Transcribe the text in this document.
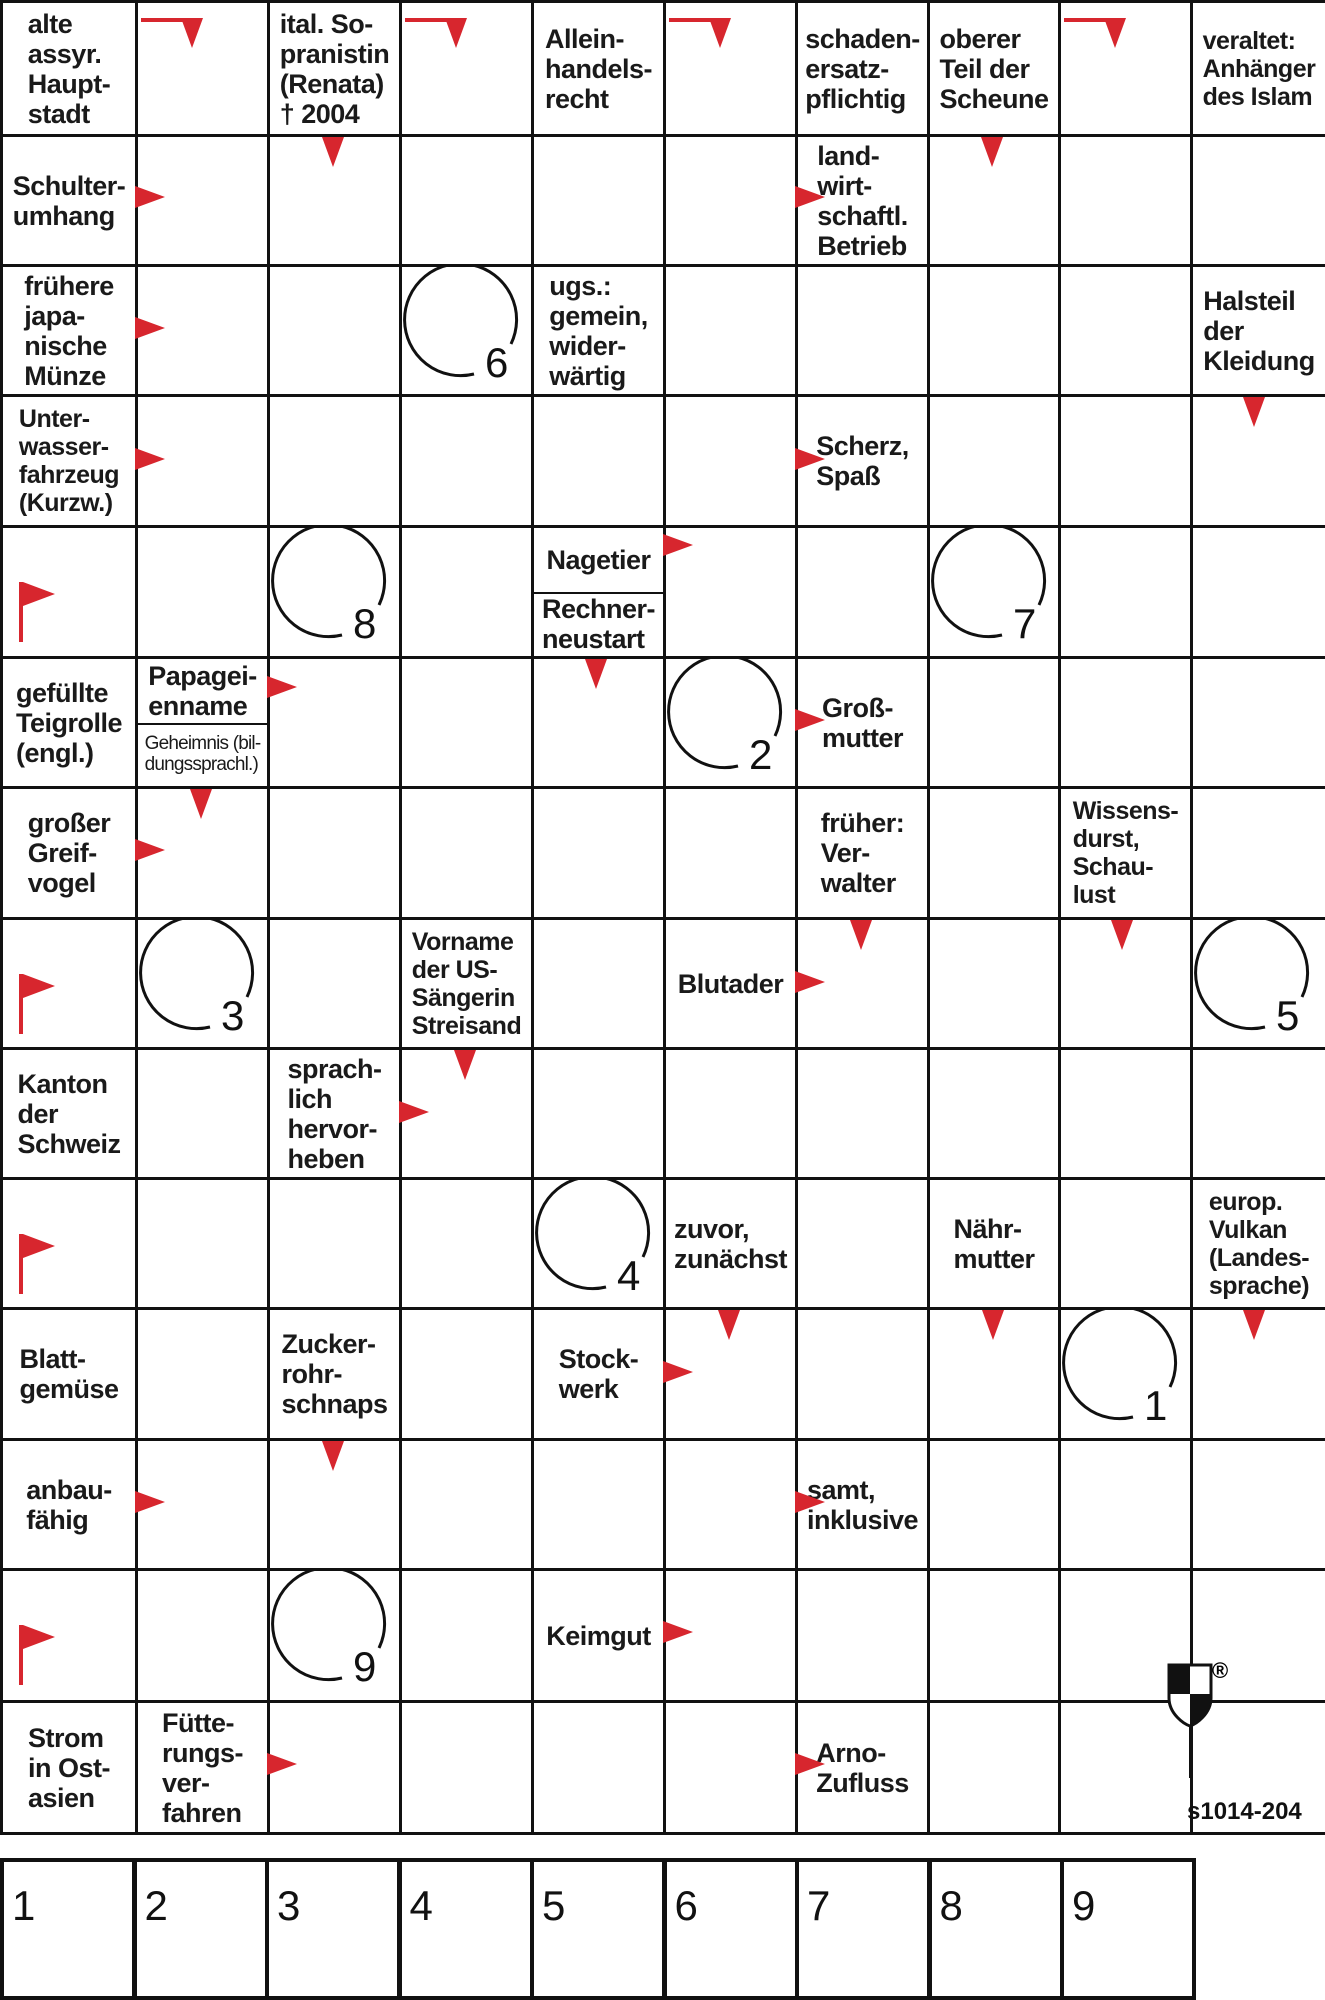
alte
assyr.
Haupt-
stadt
ital. So-
pranistin
(Renata)
† 2004
Allein-
handels-
recht
schaden-
ersatz-
pflichtig
oberer
Teil der
Scheune
veraltet:
Anhänger
des Islam
Schulter-
umhang
land-
wirt-
schaftl.
Betrieb
frühere
japa-
nische
Münze
ugs.:
gemein,
wider-
wärtig
Halsteil
der
Kleidung
Unter-
wasser-
fahrzeug
(Kurzw.)
Scherz,
Spaß
gefüllte
Teigrolle
(engl.)
Groß-
mutter
großer
Greif-
vogel
früher:
Ver-
walter
Wissens-
durst,
Schau-
lust
Vorname
der US-
Sängerin
Streisand
Blutader
Kanton
der
Schweiz
sprach-
lich
hervor-
heben
zuvor,
zunächst
Nähr-
mutter
europ.
Vulkan
(Landes-
sprache)
Blatt-
gemüse
Zucker-
rohr-
schnaps
Stock-
werk
anbau-
fähig
samt,
inklusive
Keimgut
Strom
in Ost-
asien
Fütte-
rungs-
ver-
fahren
Arno-
Zufluss
Nagetier
Rechner-
neustart
Papagei-
enname
Geheimnis (bil-
dungssprachl.)
1
2
3
4
5
6
7
8
9
s1014-204
®
1	2	3	4	5	6	7	8	9
